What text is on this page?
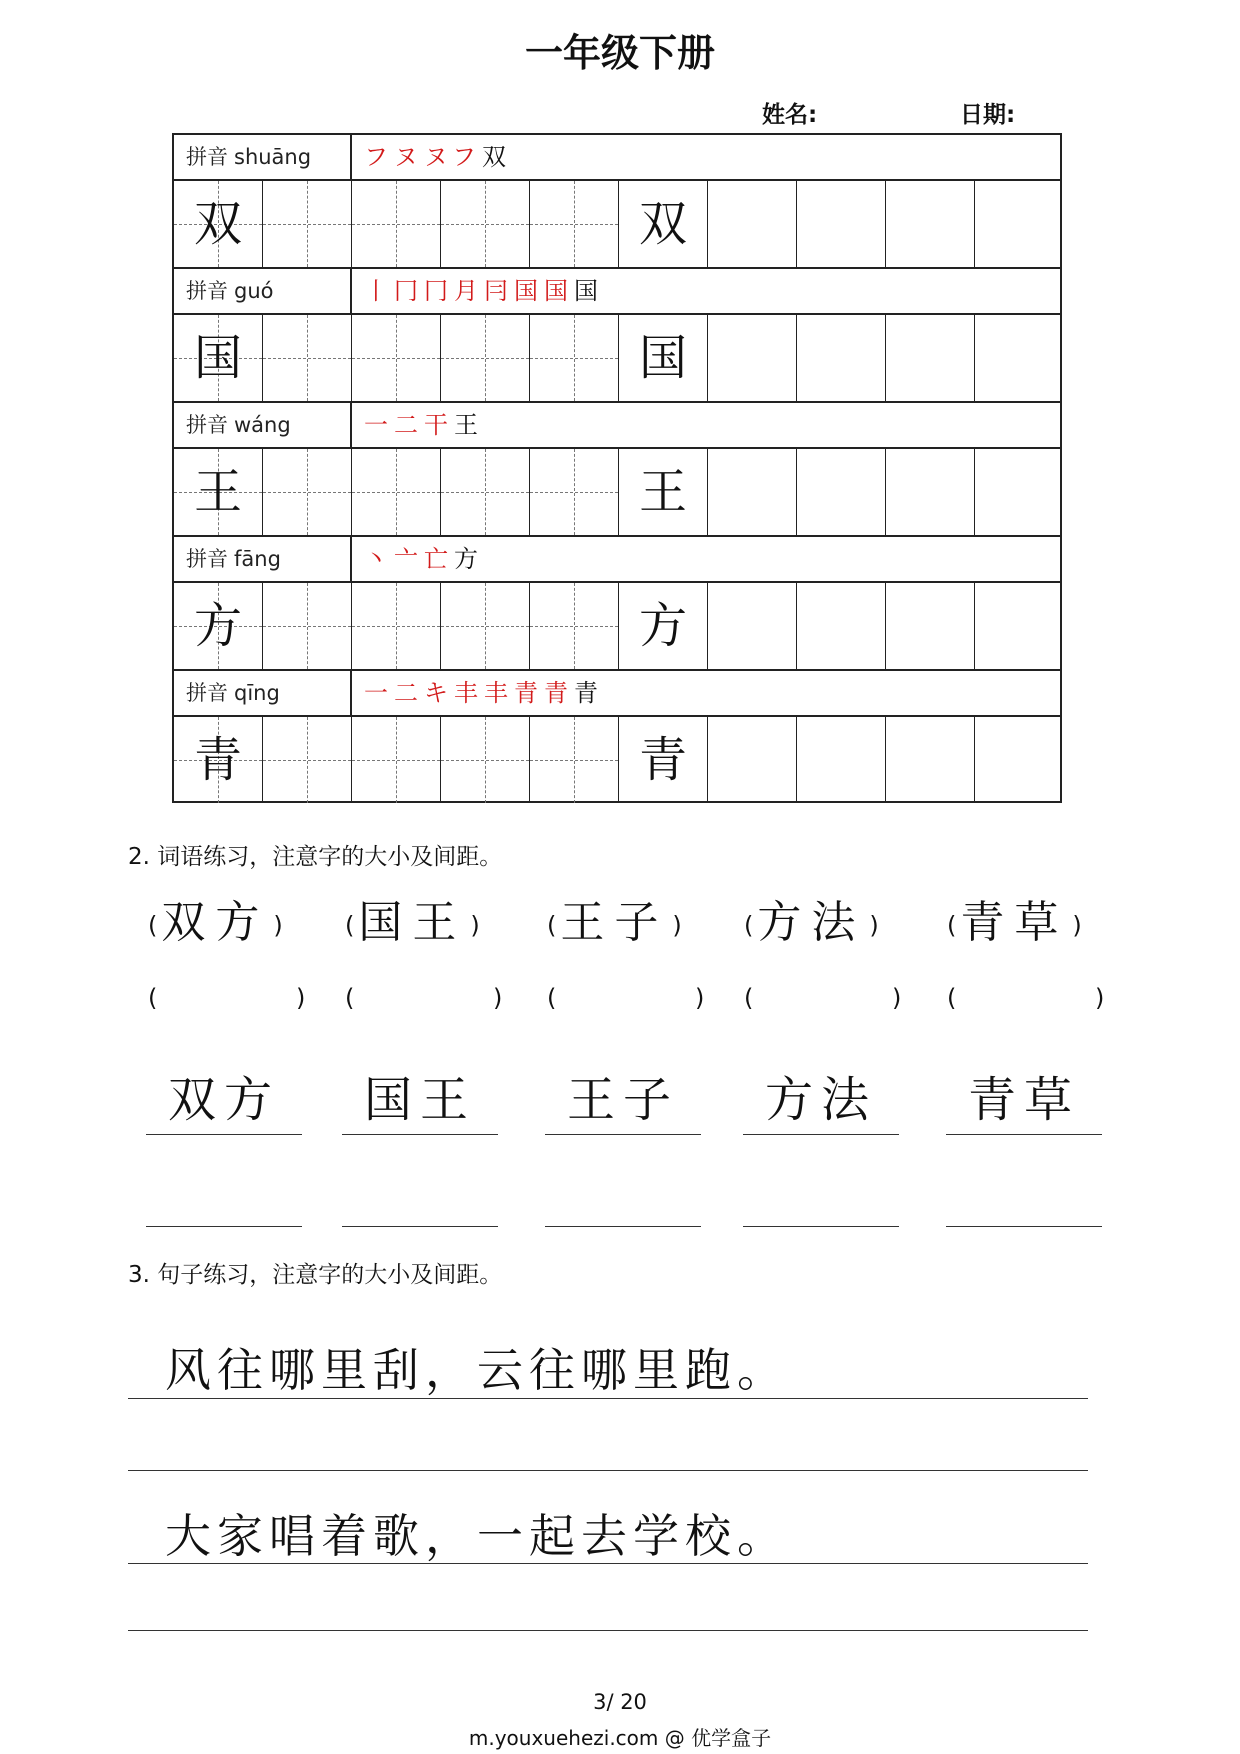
一年级下册
姓名:	日期:
拼音 shuāng	フヌヌフ双
双	双
拼音 guó	丨冂冂月冃国国国
国	国
拼音 wáng	一二干王
王	王
拼音 fāng	丶亠亡方
方	方
拼音 qīng	一二キ丰丰青青青
青	青
2. 词语练习，注意字的大小及间距。
(双方 )
(	)
双方
(国王 )
(	)
国王
(王子 )
(	)
王子
(方法 )
(	)
方法
(青草 )
(	)
青草
3. 句子练习，注意字的大小及间距。
风往哪里刮，云往哪里跑。
大家唱着歌，一起去学校。
3/ 20
m.youxuehezi.com @ 优学盒子
